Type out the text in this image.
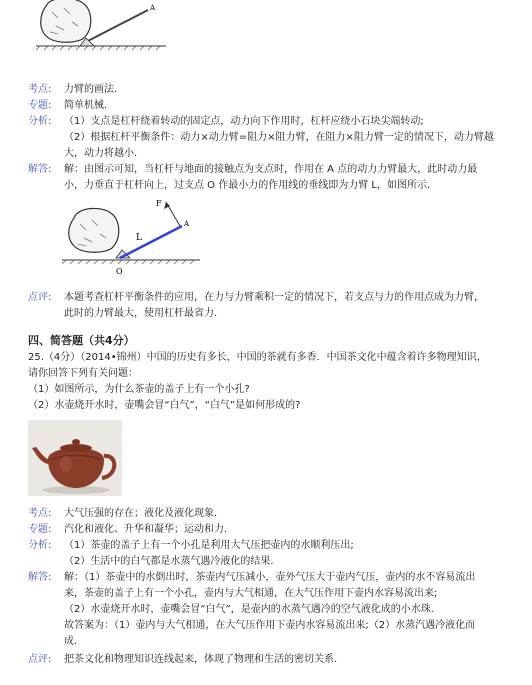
A
考点: 力臂的画法.
专题: 简单机械.
分析: （1）支点是杠杆绕着转动的固定点，动力向下作用时，杠杆应绕小石块尖端转动;
（2）根据杠杆平衡条件：动力×动力臂=阻力×阻力臂，在阻力×阻力臂一定的情况下，动力臂越
大，动力将越小.
解答: 解：由图示可知，当杠杆与地面的接触点为支点时，作用在 A 点的动力力臂最大，此时动力最
小，力垂直于杠杆向上，过支点 O 作最小力的作用线的垂线即为力臂 L，如图所示.
F
L
A
O
点评: 本题考查杠杆平衡条件的应用，在力与力臂乘积一定的情况下，若支点与力的作用点成为力臂，
此时的力臂最大，使用杠杆最省力.
四、简答题（共4分）
25.（4分）（2014•锦州）中国的历史有多长，中国的茶就有多香．中国茶文化中蕴含着许多物理知识，
请你回答下列有关问题：
（1）如图所示，为什么茶壶的盖子上有一个小孔?
（2）水壶烧开水时，壶嘴会冒“白气”，“白气”是如何形成的?
考点: 大气压强的存在；液化及液化现象.
专题: 汽化和液化、升华和凝华；运动和力.
分析: （1）茶壶的盖子上有一个小孔是利用大气压把壶内的水顺利压出;
（2）生活中的白气都是水蒸气遇冷液化的结果.
解答: 解：（1）茶壶中的水倒出时，茶壶内气压减小，壶外气压大于壶内气压，壶内的水不容易流出
来，茶壶的盖子上有一个小孔，壶内与大气相通，在大气压作用下壶内水容易流出来;
（2）水壶烧开水时，壶嘴会冒“白气”，是壶内的水蒸气遇冷的空气液化成的小水珠.
故答案为：（1）壶内与大气相通，在大气压作用下壶内水容易流出来;（2）水蒸汽遇冷液化而
成.
点评: 把茶文化和物理知识连线起来，体现了物理和生活的密切关系.
